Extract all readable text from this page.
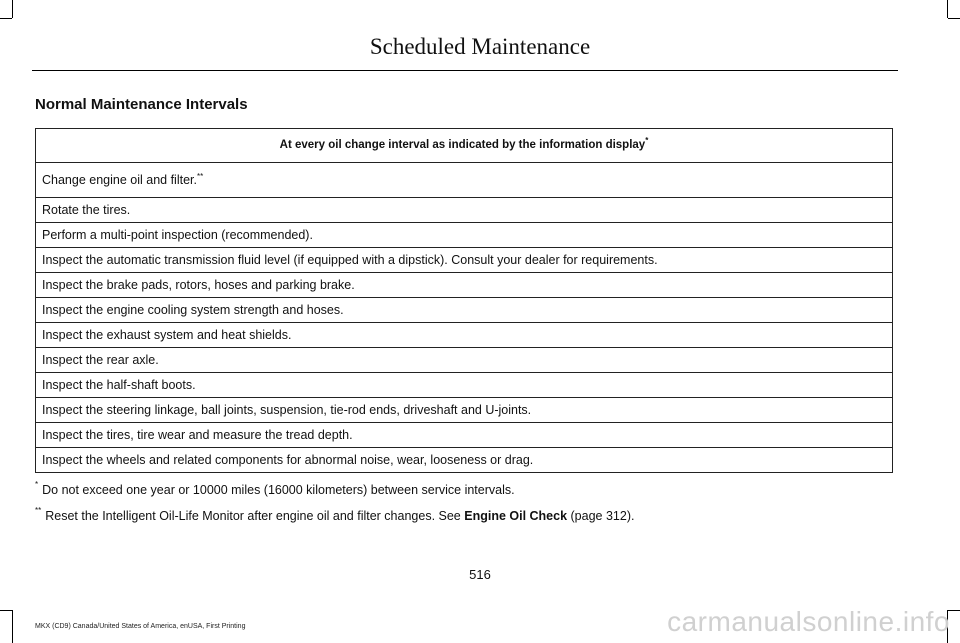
Scheduled Maintenance
Normal Maintenance Intervals
At every oil change interval as indicated by the information display*
Change engine oil and filter.**
Rotate the tires.
Perform a multi-point inspection (recommended).
Inspect the automatic transmission fluid level (if equipped with a dipstick). Consult your dealer for requirements.
Inspect the brake pads, rotors, hoses and parking brake.
Inspect the engine cooling system strength and hoses.
Inspect the exhaust system and heat shields.
Inspect the rear axle.
Inspect the half-shaft boots.
Inspect the steering linkage, ball joints, suspension, tie-rod ends, driveshaft and U-joints.
Inspect the tires, tire wear and measure the tread depth.
Inspect the wheels and related components for abnormal noise, wear, looseness or drag.
* Do not exceed one year or 10000 miles (16000 kilometers) between service intervals.
** Reset the Intelligent Oil-Life Monitor after engine oil and filter changes. See Engine Oil Check (page 312).
516
MKX (CD9) Canada/United States of America, enUSA, First Printing	carmanualsonline.info
